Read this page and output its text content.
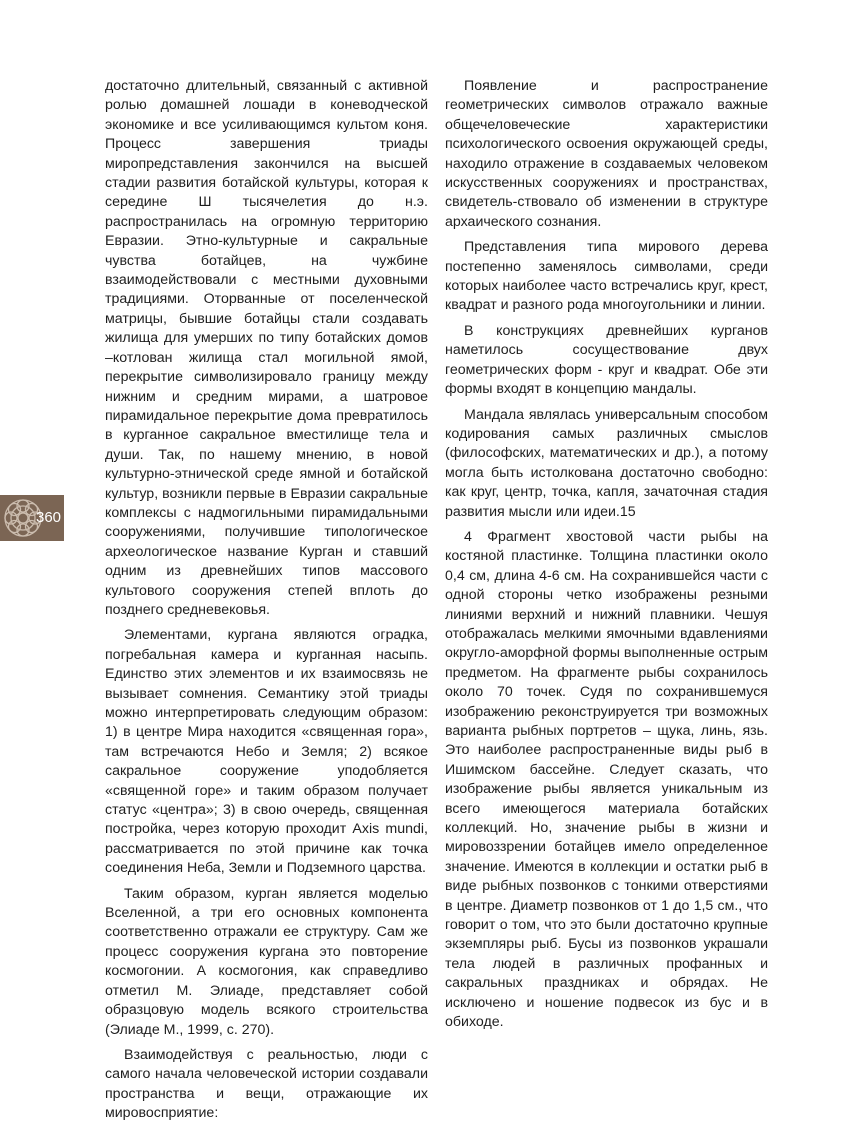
достаточно длительный, связанный с активной ролью домашней лошади в коневодческой экономике и все усиливающимся культом коня. Процесс завершения триады миропредставления закончился на высшей стадии развития ботайской культуры, которая к середине Ш тысячелетия до н.э. распространилась на огромную территорию Евразии. Этно-культурные и сакральные чувства ботайцев, на чужбине взаимодействовали с местными духовными традициями. Оторванные от поселенческой матрицы, бывшие ботайцы стали создавать жилища для умерших по типу ботайских домов –котлован жилища стал могильной ямой, перекрытие символизировало границу между нижним и средним мирами, а шатровое пирамидальное перекрытие дома превратилось в курганное сакральное вместилище тела и души. Так, по нашему мнению, в новой культурно-этнической среде ямной и ботайской культур, возникли первые в Евразии сакральные комплексы с надмогильными пирамидальными сооружениями, получившие типологическое археологическое название Курган и ставший одним из древнейших типов массового культового сооружения степей вплоть до позднего средневековья.

Элементами, кургана являются оградка, погребальная камера и курганная насыпь. Единство этих элементов и их взаимосвязь не вызывает сомнения. Семантику этой триады можно интерпретировать следующим образом: 1) в центре Мира находится «священная гора», там встречаются Небо и Земля; 2) всякое сакральное сооружение уподобляется «священной горе» и таким образом получает статус «центра»; 3) в свою очередь, священная постройка, через которую проходит Axis mundi, рассматривается по этой причине как точка соединения Неба, Земли и Подземного царства.

Таким образом, курган является моделью Вселенной, а три его основных компонента соответственно отражали ее структуру. Сам же процесс сооружения кургана это повторение космогонии. А космогония, как справедливо отметил М. Элиаде, представляет собой образцовую модель всякого строительства (Элиаде М., 1999, с. 270).

Взаимодействуя с реальностью, люди с самого начала человеческой истории создавали пространства и вещи, отражающие их мировосприятие:

Появление и распространение геометрических символов отражало важные общечеловеческие характеристики психологического освоения окружающей среды, находило отражение в создаваемых человеком искусственных сооружениях и пространствах, свидетель-ствовало об изменении в структуре архаического сознания.

Представления типа мирового дерева постепенно заменялось символами, среди которых наиболее часто встречались круг, крест, квадрат и разного рода многоугольники и линии.

В конструкциях древнейших курганов наметилось сосуществование двух геометрических форм - круг и квадрат. Обе эти формы входят в концепцию мандалы.

Мандала являлась универсальным способом кодирования самых различных смыслов (философских, математических и др.), а потому могла быть истолкована достаточно свободно: как круг, центр, точка, капля, зачаточная стадия развития мысли или идеи.15

4 Фрагмент хвостовой части рыбы на костяной пластинке. Толщина пластинки около 0,4 см, длина 4-6 см. На сохранившейся части с одной стороны четко изображены резными линиями верхний и нижний плавники. Чешуя отображалась мелкими ямочными вдавлениями округло-аморфной формы выполненные острым предметом. На фрагменте рыбы сохранилось около 70 точек. Судя по сохранившемуся изображению реконструируется три возможных варианта рыбных портретов – щука, линь, язь. Это наиболее распространенные виды рыб в Ишимском бассейне. Следует сказать, что изображение рыбы является уникальным из всего имеющегося материала ботайских коллекций. Но, значение рыбы в жизни и мировоззрении ботайцев имело определенное значение. Имеются в коллекции и остатки рыб в виде рыбных позвонков с тонкими отверстиями в центре. Диаметр позвонков от 1 до 1,5 см., что говорит о том, что это были достаточно крупные экземпляры рыб. Бусы из позвонков украшали тела людей в различных профанных и сакральных праздниках и обрядах. Не исключено и ношение подвесок из бус и в обиходе.

360
